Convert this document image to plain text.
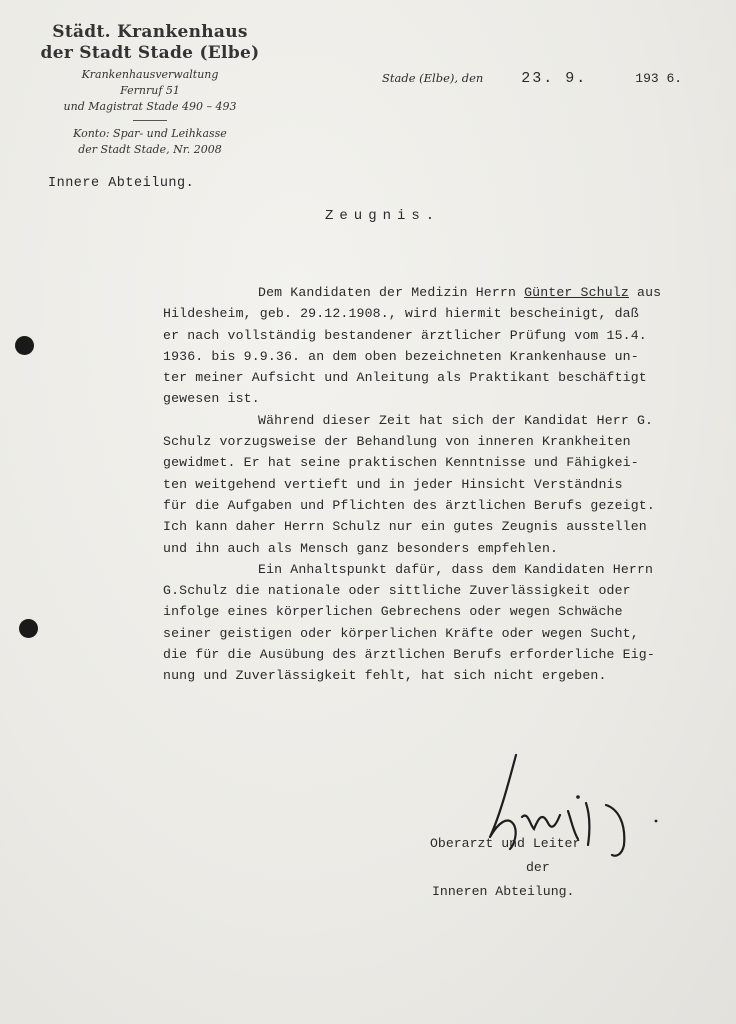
Städt. Krankenhaus
der Stadt Stade (Elbe)
Krankenhausverwaltung
Fernruf 51
und Magistrat Stade 490 – 493
Konto: Spar- und Leihkasse
der Stadt Stade, Nr. 2008
Innere Abteilung.
Stade (Elbe), den	23. 9.	193 6.
Zeugnis.

Dem Kandidaten der Medizin Herrn Günter Schulz aus
Hildesheim, geb. 29.12.1908., wird hiermit bescheinigt, daß
er nach vollständig bestandener ärztlicher Prüfung vom 15.4.
1936. bis 9.9.36. an dem oben bezeichneten Krankenhause un-
ter meiner Aufsicht und Anleitung als Praktikant beschäftigt
gewesen ist.

Während dieser Zeit hat sich der Kandidat Herr G.
Schulz vorzugsweise der Behandlung von inneren Krankheiten
gewidmet. Er hat seine praktischen Kenntnisse und Fähigkei-
ten weitgehend vertieft und in jeder Hinsicht Verständnis
für die Aufgaben und Pflichten des ärztlichen Berufs gezeigt.
Ich kann daher Herrn Schulz nur ein gutes Zeugnis ausstellen
und ihn auch als Mensch ganz besonders empfehlen.

Ein Anhaltspunkt dafür, dass dem Kandidaten Herrn
G.Schulz die nationale oder sittliche Zuverlässigkeit oder
infolge eines körperlichen Gebrechens oder wegen Schwäche
seiner geistigen oder körperlichen Kräfte oder wegen Sucht,
die für die Ausübung des ärztlichen Berufs erforderliche Eig-
nung und Zuverlässigkeit fehlt, hat sich nicht ergeben.

Oberarzt und Leiter
der
Inneren Abteilung.
